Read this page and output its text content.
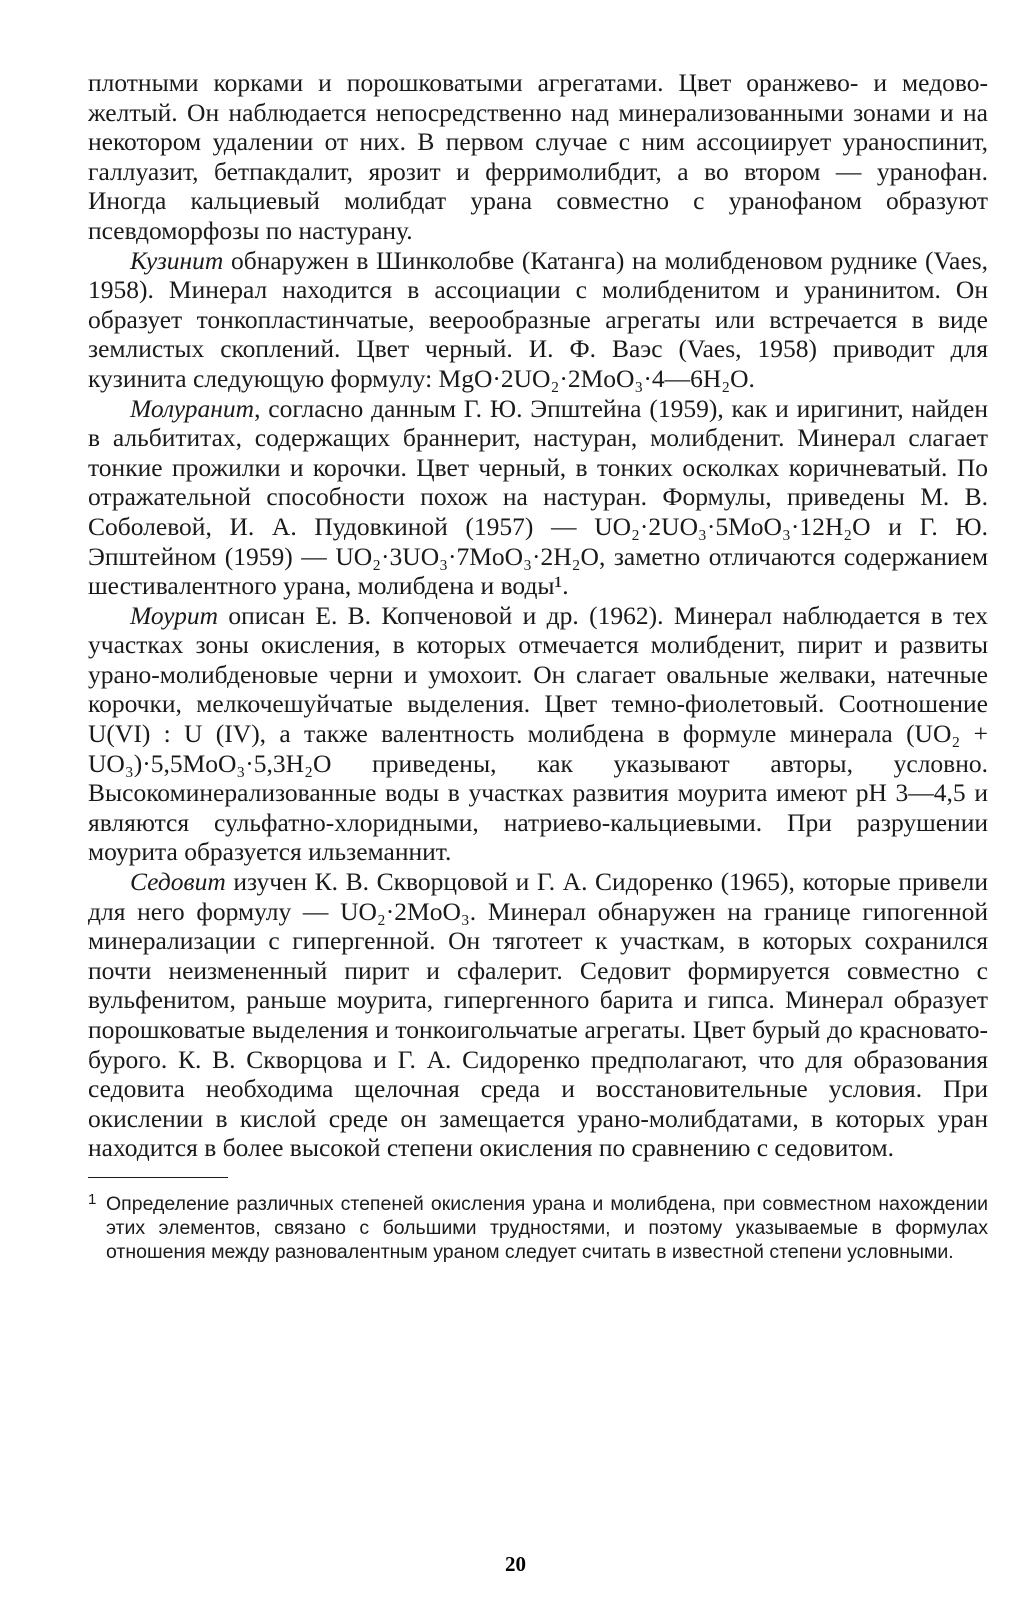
плотными корками и порошковатыми агрегатами. Цвет оранжево- и медово-желтый. Он наблюдается непосредственно над минерализованными зонами и на некотором удалении от них. В первом случае с ним ассоциирует ураноспинит, галлуазит, бетпакдалит, ярозит и ферримолибдит, а во втором — уранофан. Иногда кальциевый молибдат урана совместно с уранофаном образуют псевдоморфозы по настурану.

Кузинит обнаружен в Шинколобве (Катанга) на молибденовом руднике (Vaes, 1958). Минерал находится в ассоциации с молибденитом и уранинитом. Он образует тонкопластинчатые, веерообразные агрегаты или встречается в виде землистых скоплений. Цвет черный. И. Ф. Ваэс (Vaes, 1958) приводит для кузинита следующую формулу: MgO·2UO₂·2MoO₃·4—6H₂O.

Молуранит, согласно данным Г. Ю. Эпштейна (1959), как и иригинит, найден в альбититах, содержащих браннерит, настуран, молибденит. Минерал слагает тонкие прожилки и корочки. Цвет черный, в тонких осколках коричневатый. По отражательной способности похож на настуран. Формулы, приведены М. В. Соболевой, И. А. Пудовкиной (1957) — UO₂·2UO₃·5MoO₃·12H₂O и Г. Ю. Эпштейном (1959) — UO₂·3UO₃·7MoO₃·2H₂O, заметно отличаются содержанием шестивалентного урана, молибдена и воды¹.

Моурит описан Е. В. Копченовой и др. (1962). Минерал наблюдается в тех участках зоны окисления, в которых отмечается молибденит, пирит и развиты урано-молибденовые черни и умохоит. Он слагает овальные желваки, натечные корочки, мелкочешуйчатые выделения. Цвет темно-фиолетовый. Соотношение U(VI) : U (IV), а также валентность молибдена в формуле минерала (UO₂ + UO₃)·5,5MoO₃·5,3H₂O приведены, как указывают авторы, условно. Высокоминерализованные воды в участках развития моурита имеют pH 3—4,5 и являются сульфатно-хлоридными, натриево-кальциевыми. При разрушении моурита образуется ильземаннит.

Седовит изучен К. В. Скворцовой и Г. А. Сидоренко (1965), которые привели для него формулу — UO₂·2MoO₃. Минерал обнаружен на границе гипогенной минерализации с гипергенной. Он тяготеет к участкам, в которых сохранился почти неизмененный пирит и сфалерит. Седовит формируется совместно с вульфенитом, раньше моурита, гипергенного барита и гипса. Минерал образует порошковатые выделения и тонкоигольчатые агрегаты. Цвет бурый до красновато-бурого. К. В. Скворцова и Г. А. Сидоренко предполагают, что для образования седовита необходима щелочная среда и восстановительные условия. При окислении в кислой среде он замещается урано-молибдатами, в которых уран находится в более высокой степени окисления по сравнению с седовитом.

1 Определение различных степеней окисления урана и молибдена, при совместном нахождении этих элементов, связано с большими трудностями, и поэтому указываемые в формулах отношения между разновалентным ураном следует считать в известной степени условными.

20
